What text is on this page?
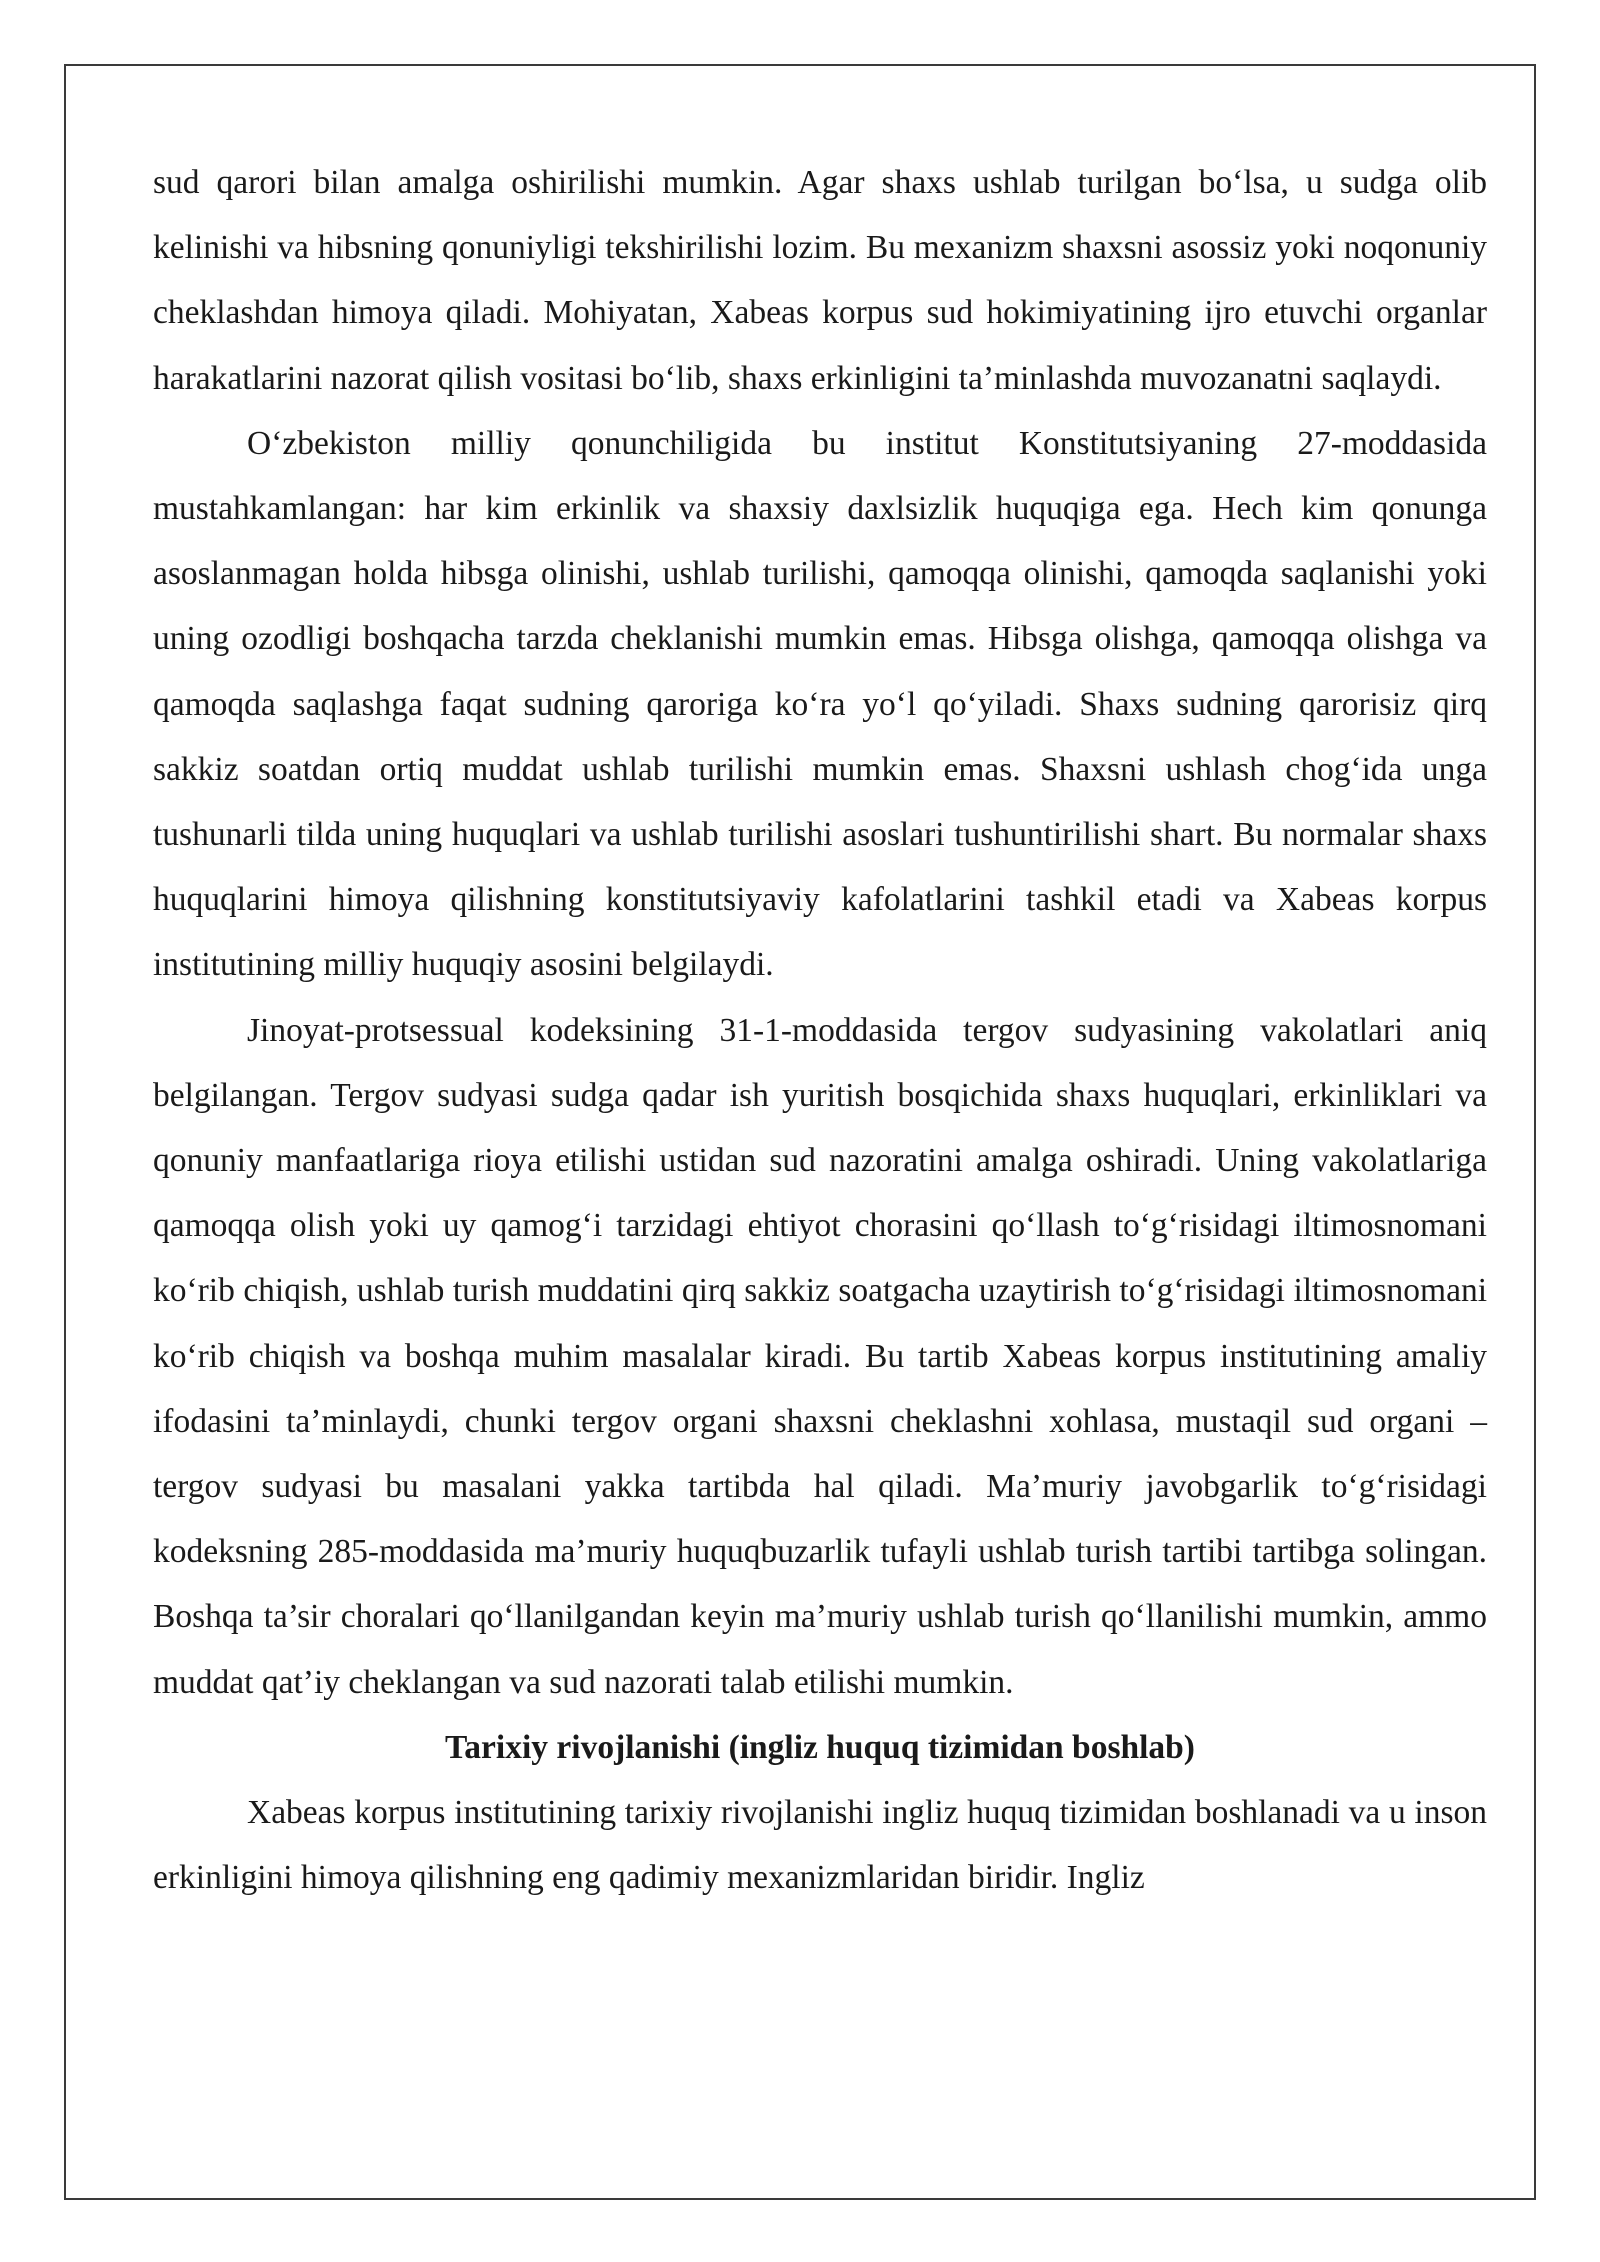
sud qarori bilan amalga oshirilishi mumkin. Agar shaxs ushlab turilgan bo‘lsa, u sudga olib kelinishi va hibsning qonuniyligi tekshirilishi lozim. Bu mexanizm shaxsni asossiz yoki noqonuniy cheklashdan himoya qiladi. Mohiyatan, Xabeas korpus sud hokimiyatining ijro etuvchi organlar harakatlarini nazorat qilish vositasi bo‘lib, shaxs erkinligini ta’minlashda muvozanatni saqlaydi.

O‘zbekiston milliy qonunchiligida bu institut Konstitutsiyaning 27-moddasida mustahkamlangan: har kim erkinlik va shaxsiy daxlsizlik huquqiga ega. Hech kim qonunga asoslanmagan holda hibsga olinishi, ushlab turilishi, qamoqqa olinishi, qamoqda saqlanishi yoki uning ozodligi boshqacha tarzda cheklanishi mumkin emas. Hibsga olishga, qamoqqa olishga va qamoqda saqlashga faqat sudning qaroriga ko‘ra yo‘l qo‘yiladi. Shaxs sudning qarorisiz qirq sakkiz soatdan ortiq muddat ushlab turilishi mumkin emas. Shaxsni ushlash chog‘ida unga tushunarli tilda uning huquqlari va ushlab turilishi asoslari tushuntirilishi shart. Bu normalar shaxs huquqlarini himoya qilishning konstitutsiyaviy kafolatlarini tashkil etadi va Xabeas korpus institutining milliy huquqiy asosini belgilaydi.

Jinoyat-protsessual kodeksining 31-1-moddasida tergov sudyasining vakolatlari aniq belgilangan. Tergov sudyasi sudga qadar ish yuritish bosqichida shaxs huquqlari, erkinliklari va qonuniy manfaatlariga rioya etilishi ustidan sud nazoratini amalga oshiradi. Uning vakolatlariga qamoqqa olish yoki uy qamog‘i tarzidagi ehtiyot chorasini qo‘llash to‘g‘risidagi iltimosnomani ko‘rib chiqish, ushlab turish muddatini qirq sakkiz soatgacha uzaytirish to‘g‘risidagi iltimosnomani ko‘rib chiqish va boshqa muhim masalalar kiradi. Bu tartib Xabeas korpus institutining amaliy ifodasini ta’minlaydi, chunki tergov organi shaxsni cheklashni xohlasa, mustaqil sud organi – tergov sudyasi bu masalani yakka tartibda hal qiladi. Ma’muriy javobgarlik to‘g‘risidagi kodeksning 285-moddasida ma’muriy huquqbuzarlik tufayli ushlab turish tartibi tartibga solingan. Boshqa ta’sir choralari qo‘llanilgandan keyin ma’muriy ushlab turish qo‘llanilishi mumkin, ammo muddat qat’iy cheklangan va sud nazorati talab etilishi mumkin.

Tarixiy rivojlanishi (ingliz huquq tizimidan boshlab)

Xabeas korpus institutining tarixiy rivojlanishi ingliz huquq tizimidan boshlanadi va u inson erkinligini himoya qilishning eng qadimiy mexanizmlaridan biridir. Ingliz
